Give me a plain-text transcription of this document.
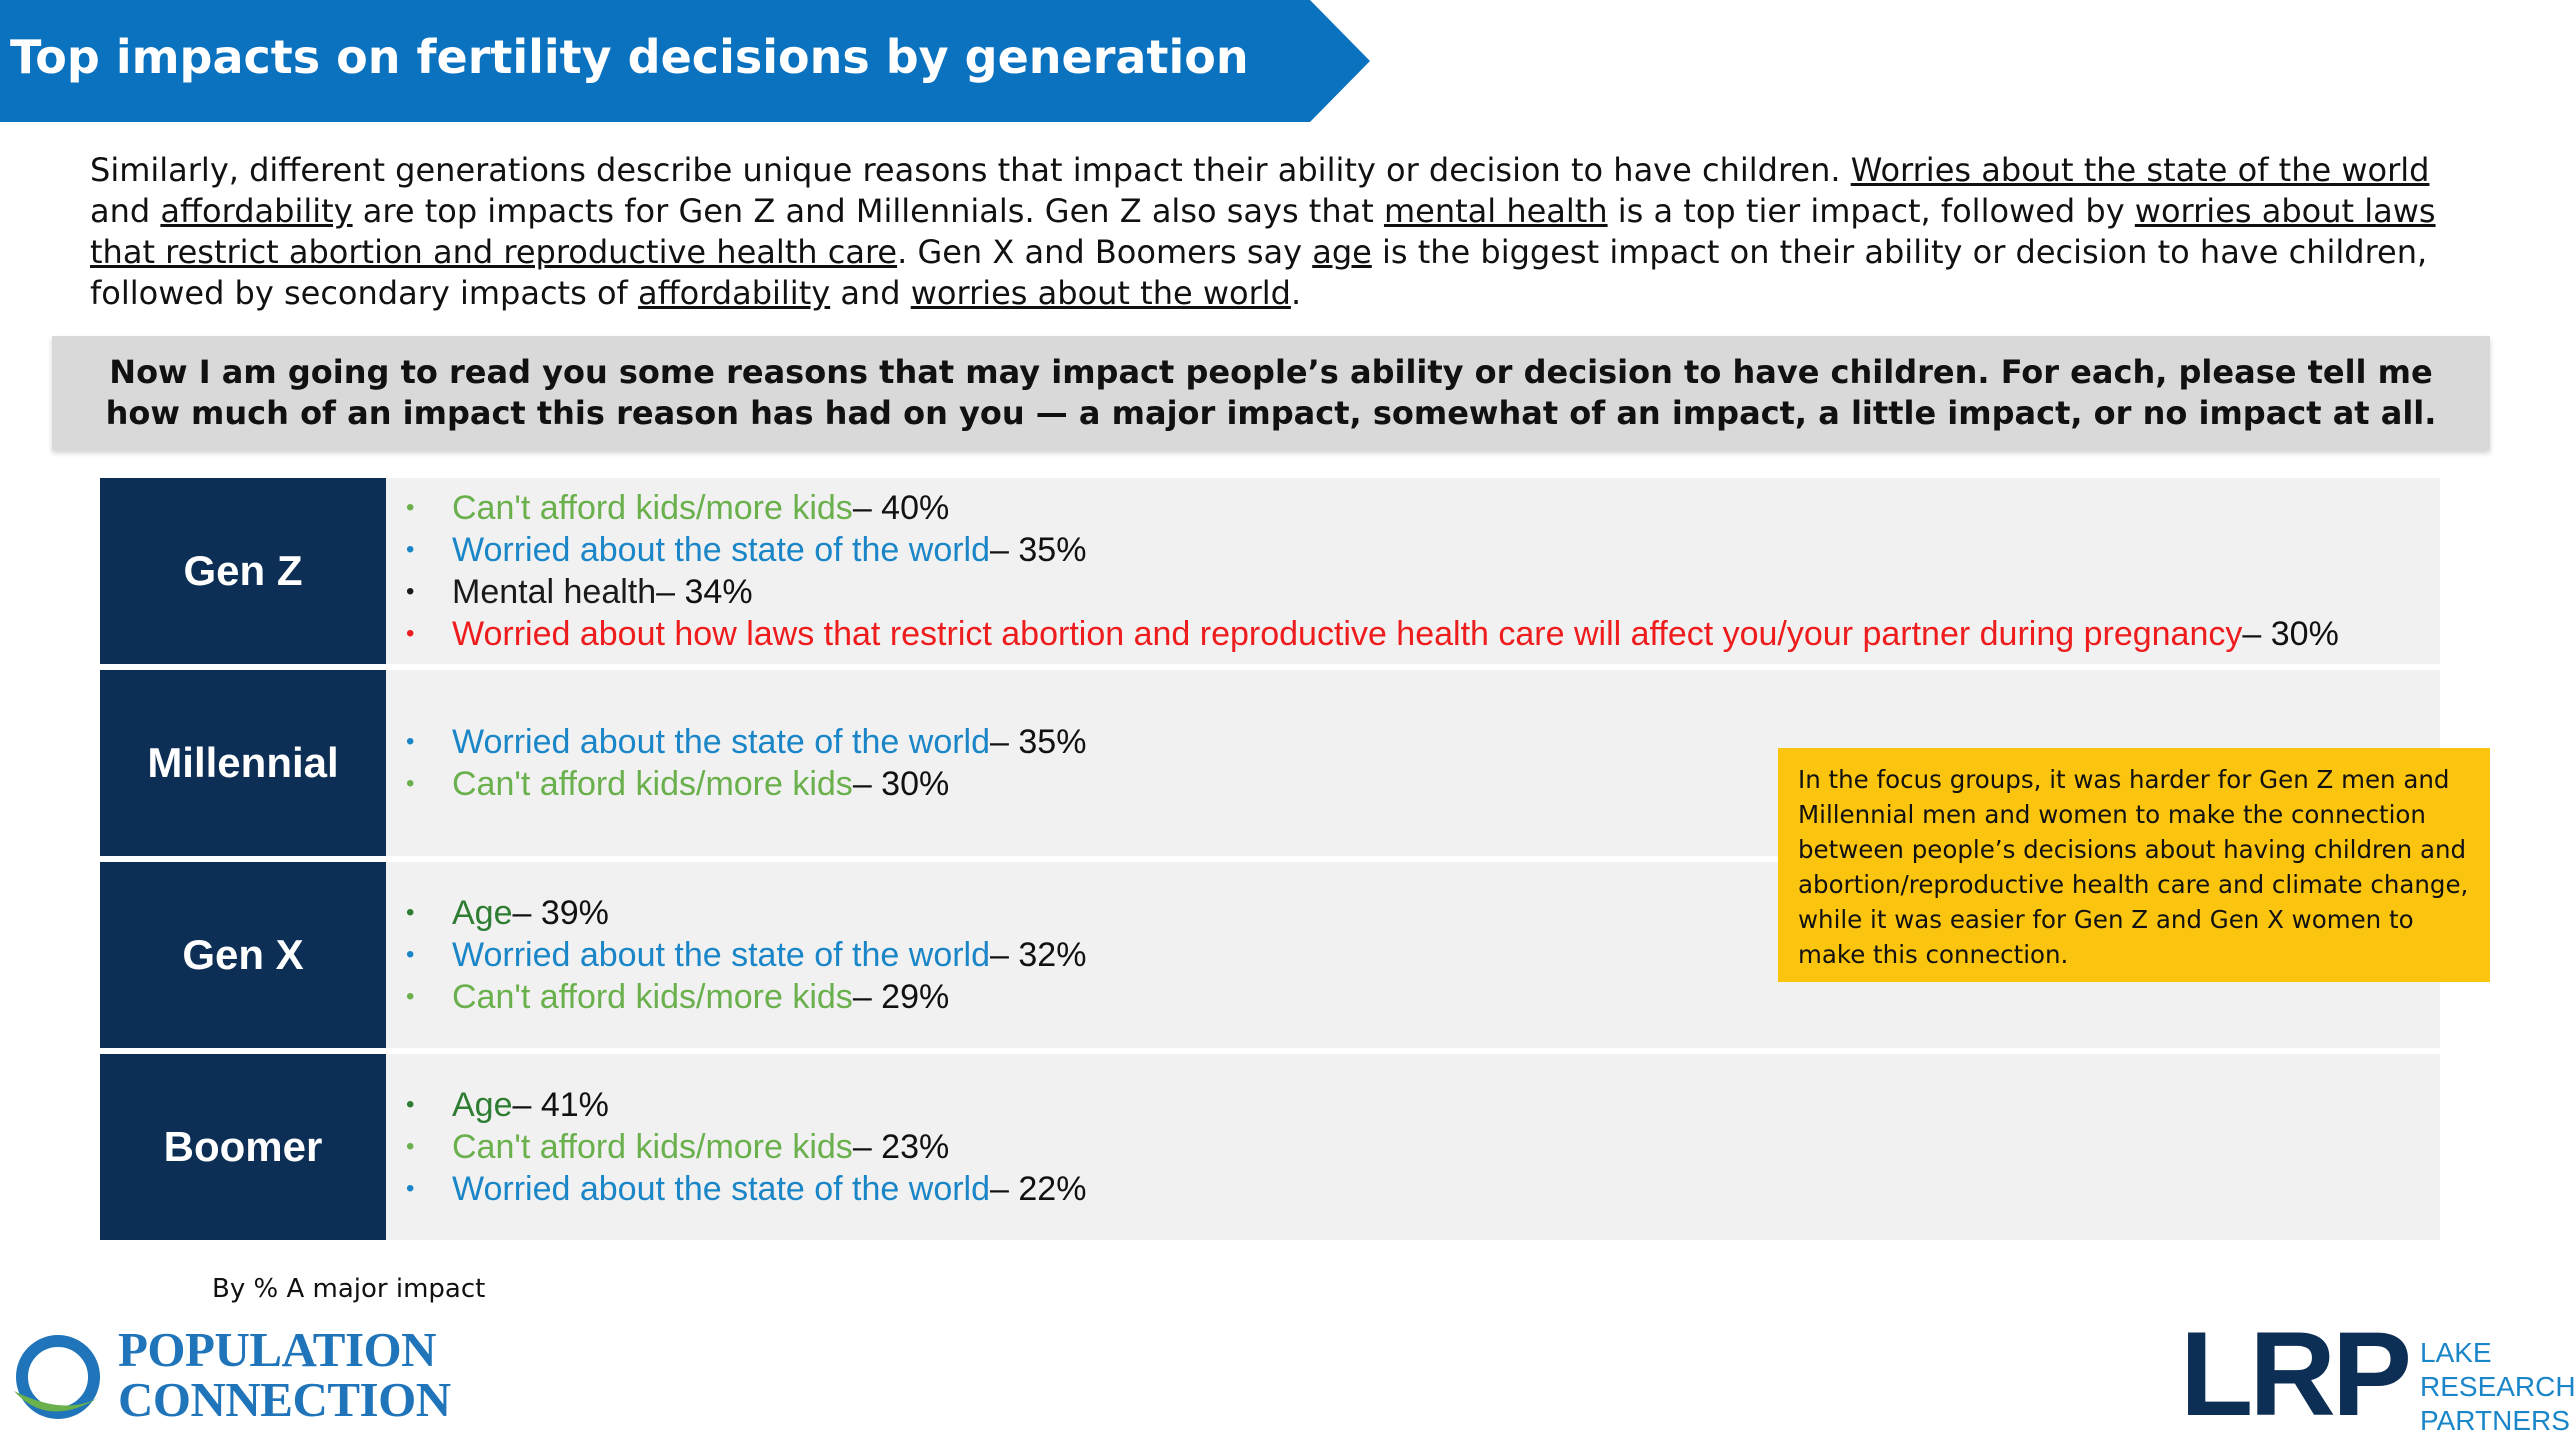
Top impacts on fertility decisions by generation

Similarly, different generations describe unique reasons that impact their ability or decision to have children. Worries about the state of the world and affordability are top impacts for Gen Z and Millennials. Gen Z also says that mental health is a top tier impact, followed by worries about laws that restrict abortion and reproductive health care. Gen X and Boomers say age is the biggest impact on their ability or decision to have children, followed by secondary impacts of affordability and worries about the world.

Now I am going to read you some reasons that may impact people’s ability or decision to have children. For each, please tell me how much of an impact this reason has had on you — a major impact, somewhat of an impact, a little impact, or no impact at all.
Gen Z
•	Can't afford kids/more kids – 40%
•	Worried about the state of the world – 35%
•	Mental health – 34%
•	Worried about how laws that restrict abortion and reproductive health care will affect you/your partner during pregnancy – 30%
Millennial	•	Worried about the state of the world – 35%
•	Can't afford kids/more kids – 30%
Gen X
•	Age – 39%
•	Worried about the state of the world – 32%
•	Can't afford kids/more kids – 29%
Boomer
•	Age – 41%
•	Can't afford kids/more kids – 23%
•	Worried about the state of the world – 22%
In the focus groups, it was harder for Gen Z men and Millennial men and women to make the connection between people’s decisions about having children and abortion/reproductive health care and climate change, while it was easier for Gen Z and Gen X women to make this connection.
By % A major impact
POPULATION
CONNECTION	LRP LAKE
RESEARCH
PARTNERS
